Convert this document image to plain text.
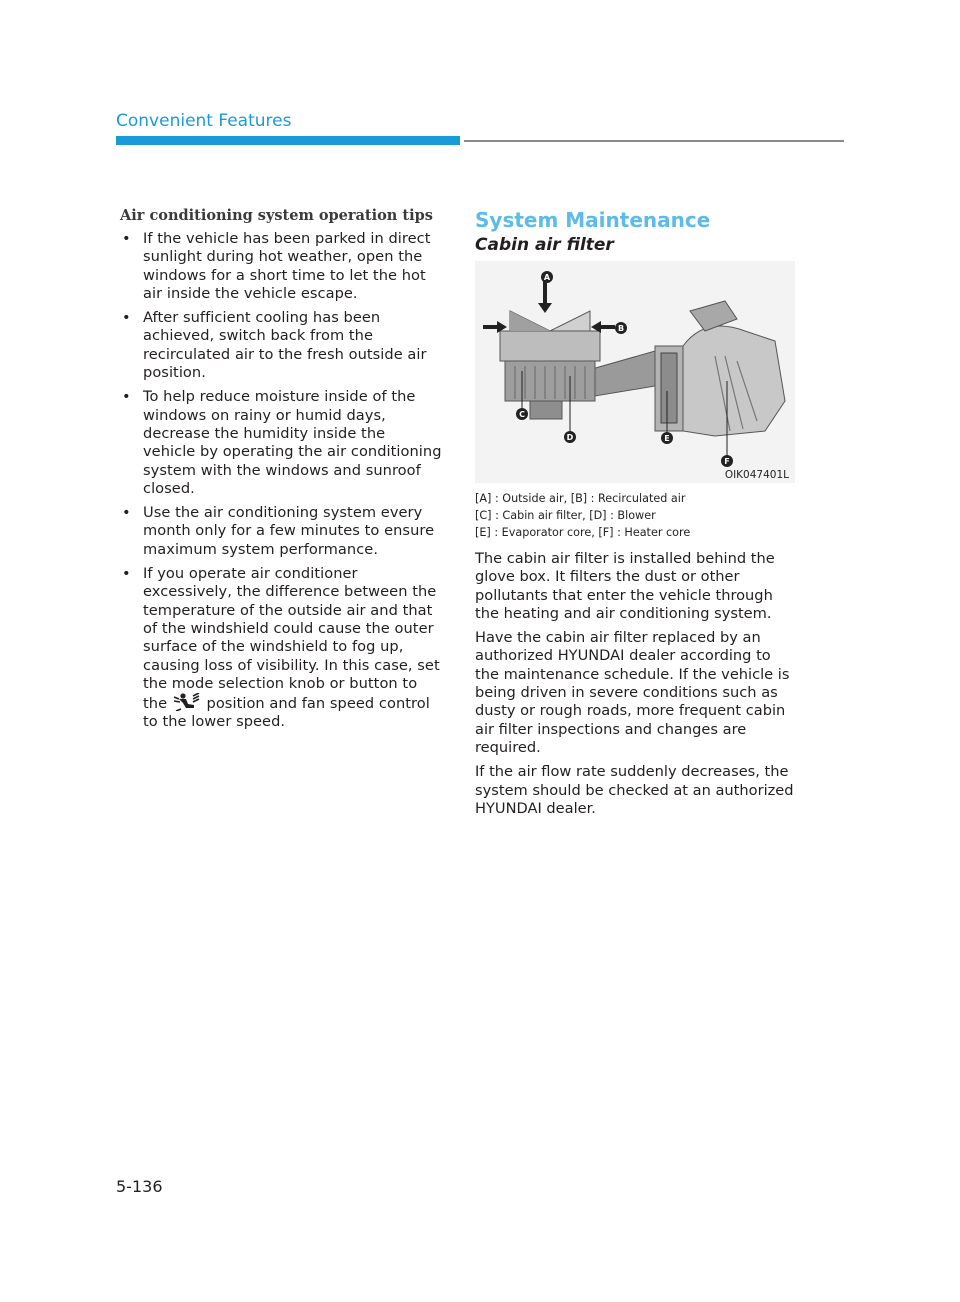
Convenient Features
Air conditioning system operation tips
• If the vehicle has been parked in direct sunlight during hot weather, open the windows for a short time to let the hot air inside the vehicle escape.
• After sufficient cooling has been achieved, switch back from the recirculated air to the fresh outside air position.
• To help reduce moisture inside of the windows on rainy or humid days, decrease the humidity inside the vehicle by operating the air conditioning system with the windows and sunroof closed.
• Use the air conditioning system every month only for a few minutes to ensure maximum system performance.
• If you operate air conditioner excessively, the difference between the temperature of the outside air and that of the windshield could cause the outer surface of the windshield to fog up, causing loss of visibility. In this case, set the mode selection knob or button to the	position and fan speed control to the lower speed.
System Maintenance
Cabin air filter
A
B
C
D	E
F
OIK047401L
[A] : Outside air, [B] : Recirculated air
[C] : Cabin air filter, [D] : Blower
[E] : Evaporator core, [F] : Heater core

The cabin air filter is installed behind the glove box. It filters the dust or other pollutants that enter the vehicle through the heating and air conditioning system.

Have the cabin air filter replaced by an authorized HYUNDAI dealer according to the maintenance schedule. If the vehicle is being driven in severe conditions such as dusty or rough roads, more frequent cabin air filter inspections and changes are required.

If the air flow rate suddenly decreases, the system should be checked at an authorized HYUNDAI dealer.

5-136
